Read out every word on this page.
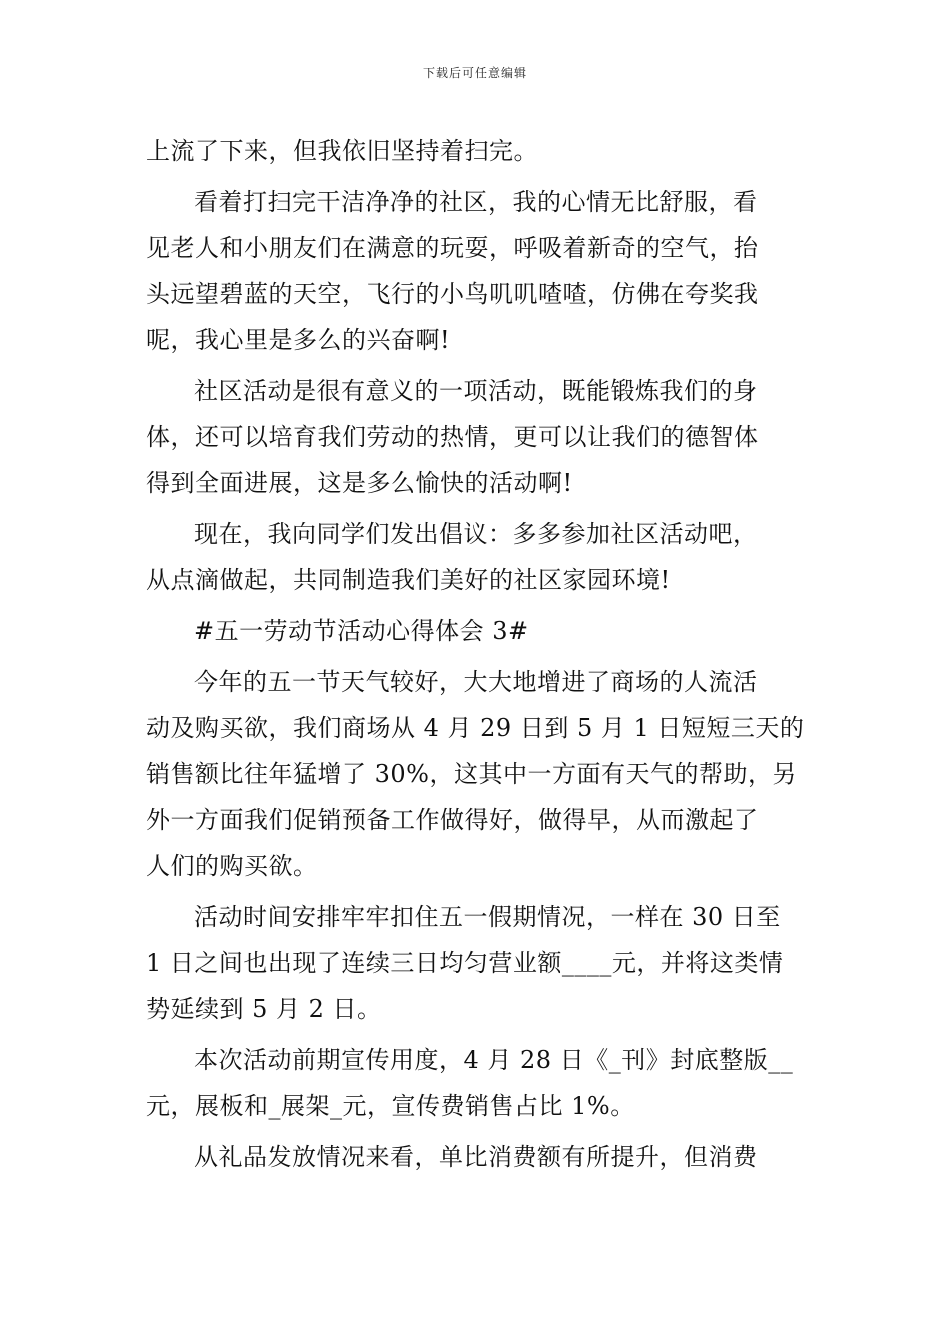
下载后可任意编辑
上流了下来，但我依旧坚持着扫完。
看着打扫完干洁净净的社区，我的心情无比舒服，看
见老人和小朋友们在满意的玩耍，呼吸着新奇的空气，抬
头远望碧蓝的天空，飞行的小鸟叽叽喳喳，仿佛在夸奖我
呢，我心里是多么的兴奋啊!
社区活动是很有意义的一项活动，既能锻炼我们的身
体，还可以培育我们劳动的热情，更可以让我们的德智体
得到全面进展，这是多么愉快的活动啊!
现在，我向同学们发出倡议：多多参加社区活动吧，
从点滴做起，共同制造我们美好的社区家园环境!
#五一劳动节活动心得体会 3#
今年的五一节天气较好，大大地增进了商场的人流活
动及购买欲，我们商场从 4 月 29 日到 5 月 1 日短短三天的
销售额比往年猛增了 30%，这其中一方面有天气的帮助，另
外一方面我们促销预备工作做得好，做得早，从而激起了
人们的购买欲。
活动时间安排牢牢扣住五一假期情况，一样在 30 日至
1 日之间也出现了连续三日均匀营业额____元，并将这类情
势延续到 5 月 2 日。
本次活动前期宣传用度，4 月 28 日《_刊》封底整版__
元，展板和_展架_元，宣传费销售占比 1%。
从礼品发放情况来看，单比消费额有所提升，但消费
